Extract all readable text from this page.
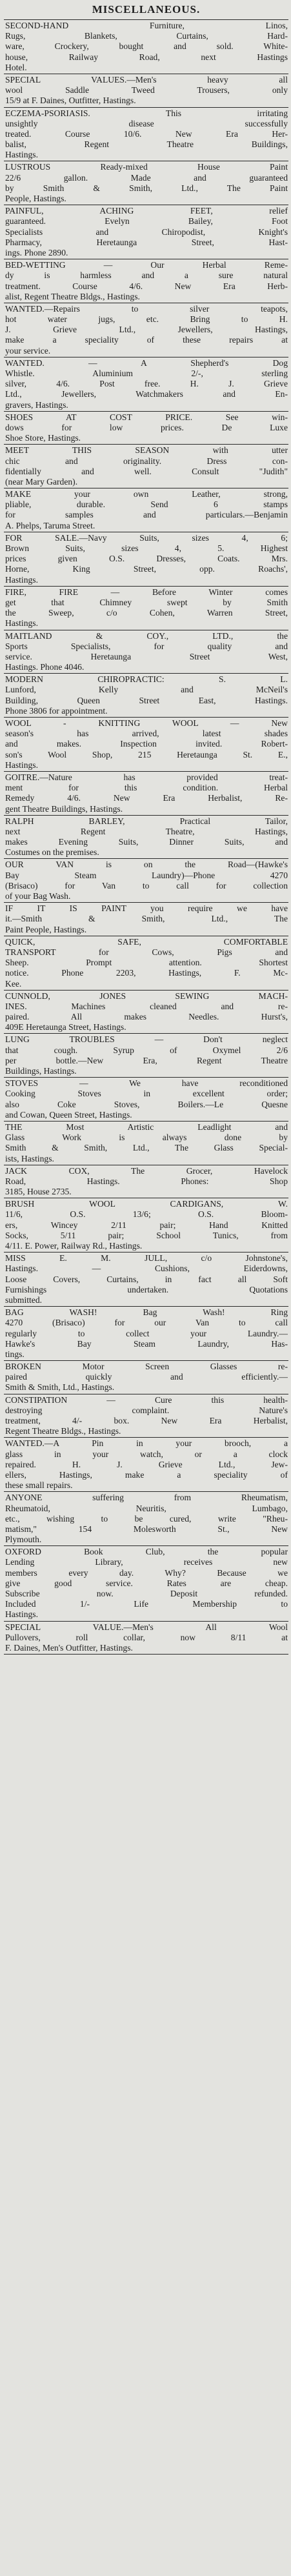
MISCELLANEOUS.
SECOND-HAND Furniture, Linos,
Rugs, Blankets, Curtains, Hard-
ware, Crockery, bought and sold. White-
house, Railway Road, next Hastings
Hotel.
SPECIAL VALUES.—Men's heavy all
wool Saddle Tweed Trousers, only
15/9 at F. Daines, Outfitter, Hastings.
ECZEMA-PSORIASIS. This irritating
unsightly disease successfully
treated. Course 10/6. New Era Her-
balist, Regent Theatre Buildings,
Hastings.
LUSTROUS Ready-mixed House Paint
22/6 gallon. Made and guaranteed
by Smith & Smith, Ltd., The Paint
People, Hastings.
PAINFUL, ACHING FEET, relief
guaranteed. Evelyn Bailey, Foot
Specialists and Chiropodist, Knight's
Pharmacy, Heretaunga Street, Hast-
ings. Phone 2890.
BED-WETTING — Our Herbal Reme-
dy is harmless and a sure natural
treatment. Course 4/6. New Era Herb-
alist, Regent Theatre Bldgs., Hastings.
WANTED.—Repairs to silver teapots,
hot water jugs, etc. Bring to H.
J. Grieve Ltd., Jewellers, Hastings,
make a speciality of these repairs at
your service.
WANTED. — A Shepherd's Dog
Whistle. Aluminium 2/-, sterling
silver, 4/6. Post free. H. J. Grieve
Ltd., Jewellers, Watchmakers and En-
gravers, Hastings.
SHOES AT COST PRICE. See win-
dows for low prices. De Luxe
Shoe Store, Hastings.
MEET THIS SEASON with utter
chic and originality. Dress con-
fidentially and well. Consult "Judith"
(near Mary Garden).
MAKE your own Leather, strong,
pliable, durable. Send 6 stamps
for samples and particulars.—Benjamin
A. Phelps, Taruma Street.
FOR SALE.—Navy Suits, sizes 4, 6;
Brown Suits, sizes 4, 5. Highest
prices given O.S. Dresses, Coats. Mrs.
Horne, King Street, opp. Roachs',
Hastings.
FIRE, FIRE — Before Winter comes
get that Chimney swept by Smith
the Sweep, c/o Cohen, Warren Street,
Hastings.
MAITLAND & COY., LTD., the
Sports Specialists, for quality and
service. Heretaunga Street West,
Hastings. Phone 4046.
MODERN CHIROPRACTIC: S. L.
Lunford, Kelly and McNeil's
Building, Queen Street East, Hastings.
Phone 3806 for appointment.
WOOL - KNITTING WOOL — New
season's has arrived, latest shades
and makes. Inspection invited. Robert-
son's Wool Shop, 215 Heretaunga St. E.,
Hastings.
GOITRE.—Nature has provided treat-
ment for this condition. Herbal
Remedy 4/6. New Era Herbalist, Re-
gent Theatre Buildings, Hastings.
RALPH BARLEY, Practical Tailor,
next Regent Theatre, Hastings,
makes Evening Suits, Dinner Suits, and
Costumes on the premises.
OUR VAN is on the Road—(Hawke's
Bay Steam Laundry)—Phone 4270
(Brisaco) for Van to call for collection
of your Bag Wash.
IF IT IS PAINT you require we have
it.—Smith & Smith, Ltd., The
Paint People, Hastings.
QUICK, SAFE, COMFORTABLE
TRANSPORT for Cows, Pigs and
Sheep. Prompt attention. Shortest
notice. Phone 2203, Hastings, F. Mc-
Kee.
CUNNOLD, JONES SEWING MACH-
INES. Machines cleaned and re-
paired. All makes Needles. Hurst's,
409E Heretaunga Street, Hastings.
LUNG TROUBLES — Don't neglect
that cough. Syrup of Oxymel 2/6
per bottle.—New Era, Regent Theatre
Buildings, Hastings.
STOVES — We have reconditioned
Cooking Stoves in excellent order;
also Coke Stoves, Boilers.—Le Quesne
and Cowan, Queen Street, Hastings.
THE Most Artistic Leadlight and
Glass Work is always done by
Smith & Smith, Ltd., The Glass Special-
ists, Hastings.
JACK COX, The Grocer, Havelock
Road, Hastings. Phones: Shop
3185, House 2735.
BRUSH WOOL CARDIGANS, W.
11/6, O.S. 13/6; O.S. Bloom-
ers, Wincey 2/11 pair; Hand Knitted
Socks, 5/11 pair; School Tunics, from
4/11. E. Power, Railway Rd., Hastings.
MISS E. M. JULL, c/o Johnstone's,
Hastings. — Cushions, Eiderdowns,
Loose Covers, Curtains, in fact all Soft
Furnishings undertaken. Quotations
submitted.
BAG WASH! Bag Wash! Ring
4270 (Brisaco) for our Van to call
regularly to collect your Laundry.—
Hawke's Bay Steam Laundry, Has-
tings.
BROKEN Motor Screen Glasses re-
paired quickly and efficiently.—
Smith & Smith, Ltd., Hastings.
CONSTIPATION — Cure this health-
destroying complaint. Nature's
treatment, 4/- box. New Era Herbalist,
Regent Theatre Bldgs., Hastings.
WANTED.—A Pin in your brooch, a
glass in your watch, or a clock
repaired. H. J. Grieve Ltd., Jew-
ellers, Hastings, make a speciality of
these small repairs.
ANYONE suffering from Rheumatism,
Rheumatoid, Neuritis, Lumbago,
etc., wishing to be cured, write "Rheu-
matism," 154 Molesworth St., New
Plymouth.
OXFORD Book Club, the popular
Lending Library, receives new
members every day. Why? Because we
give good service. Rates are cheap.
Subscribe now. Deposit refunded.
Included 1/- Life Membership to
Hastings.
SPECIAL VALUE.—Men's All Wool
Pullovers, roll collar, now 8/11 at
F. Daines, Men's Outfitter, Hastings.
